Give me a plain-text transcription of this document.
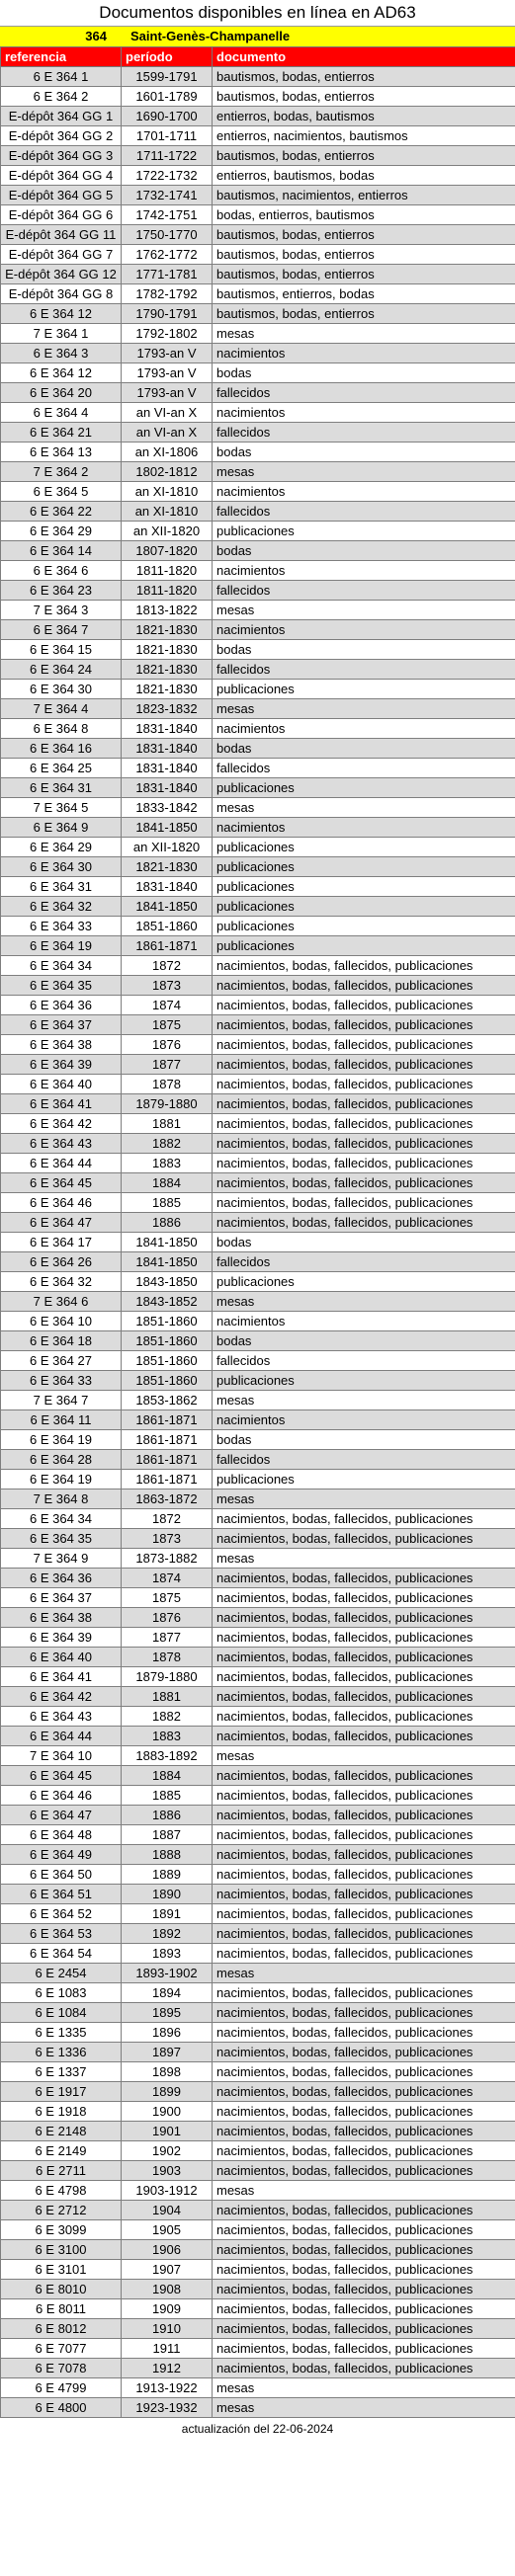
Documentos disponibles en línea en AD63
364	Saint-Genès-Champanelle
referencia	período	documento
6 E 364 1	1599-1791	bautismos, bodas, entierros
6 E 364 2	1601-1789	bautismos, bodas, entierros
E-dépôt 364 GG 1	1690-1700	entierros, bodas, bautismos
E-dépôt 364 GG 2	1701-1711	entierros, nacimientos, bautismos
E-dépôt 364 GG 3	1711-1722	bautismos, bodas, entierros
E-dépôt 364 GG 4	1722-1732	entierros, bautismos, bodas
E-dépôt 364 GG 5	1732-1741	bautismos, nacimientos, entierros
E-dépôt 364 GG 6	1742-1751	bodas, entierros, bautismos
E-dépôt 364 GG 11	1750-1770	bautismos, bodas, entierros
E-dépôt 364 GG 7	1762-1772	bautismos, bodas, entierros
E-dépôt 364 GG 12	1771-1781	bautismos, bodas, entierros
E-dépôt 364 GG 8	1782-1792	bautismos, entierros, bodas
6 E 364 12	1790-1791	bautismos, bodas, entierros
7 E 364 1	1792-1802	mesas
6 E 364 3	1793-an V	nacimientos
6 E 364 12	1793-an V	bodas
6 E 364 20	1793-an V	fallecidos
6 E 364 4	an VI-an X	nacimientos
6 E 364 21	an VI-an X	fallecidos
6 E 364 13	an XI-1806	bodas
7 E 364 2	1802-1812	mesas
6 E 364 5	an XI-1810	nacimientos
6 E 364 22	an XI-1810	fallecidos
6 E 364 29	an XII-1820	publicaciones
6 E 364 14	1807-1820	bodas
6 E 364 6	1811-1820	nacimientos
6 E 364 23	1811-1820	fallecidos
7 E 364 3	1813-1822	mesas
6 E 364 7	1821-1830	nacimientos
6 E 364 15	1821-1830	bodas
6 E 364 24	1821-1830	fallecidos
6 E 364 30	1821-1830	publicaciones
7 E 364 4	1823-1832	mesas
6 E 364 8	1831-1840	nacimientos
6 E 364 16	1831-1840	bodas
6 E 364 25	1831-1840	fallecidos
6 E 364 31	1831-1840	publicaciones
7 E 364 5	1833-1842	mesas
6 E 364 9	1841-1850	nacimientos
6 E 364 29	an XII-1820	publicaciones
6 E 364 30	1821-1830	publicaciones
6 E 364 31	1831-1840	publicaciones
6 E 364 32	1841-1850	publicaciones
6 E 364 33	1851-1860	publicaciones
6 E 364 19	1861-1871	publicaciones
6 E 364 34	1872	nacimientos, bodas, fallecidos, publicaciones
6 E 364 35	1873	nacimientos, bodas, fallecidos, publicaciones
6 E 364 36	1874	nacimientos, bodas, fallecidos, publicaciones
6 E 364 37	1875	nacimientos, bodas, fallecidos, publicaciones
6 E 364 38	1876	nacimientos, bodas, fallecidos, publicaciones
6 E 364 39	1877	nacimientos, bodas, fallecidos, publicaciones
6 E 364 40	1878	nacimientos, bodas, fallecidos, publicaciones
6 E 364 41	1879-1880	nacimientos, bodas, fallecidos, publicaciones
6 E 364 42	1881	nacimientos, bodas, fallecidos, publicaciones
6 E 364 43	1882	nacimientos, bodas, fallecidos, publicaciones
6 E 364 44	1883	nacimientos, bodas, fallecidos, publicaciones
6 E 364 45	1884	nacimientos, bodas, fallecidos, publicaciones
6 E 364 46	1885	nacimientos, bodas, fallecidos, publicaciones
6 E 364 47	1886	nacimientos, bodas, fallecidos, publicaciones
6 E 364 17	1841-1850	bodas
6 E 364 26	1841-1850	fallecidos
6 E 364 32	1843-1850	publicaciones
7 E 364 6	1843-1852	mesas
6 E 364 10	1851-1860	nacimientos
6 E 364 18	1851-1860	bodas
6 E 364 27	1851-1860	fallecidos
6 E 364 33	1851-1860	publicaciones
7 E 364 7	1853-1862	mesas
6 E 364 11	1861-1871	nacimientos
6 E 364 19	1861-1871	bodas
6 E 364 28	1861-1871	fallecidos
6 E 364 19	1861-1871	publicaciones
7 E 364 8	1863-1872	mesas
6 E 364 34	1872	nacimientos, bodas, fallecidos, publicaciones
6 E 364 35	1873	nacimientos, bodas, fallecidos, publicaciones
7 E 364 9	1873-1882	mesas
6 E 364 36	1874	nacimientos, bodas, fallecidos, publicaciones
6 E 364 37	1875	nacimientos, bodas, fallecidos, publicaciones
6 E 364 38	1876	nacimientos, bodas, fallecidos, publicaciones
6 E 364 39	1877	nacimientos, bodas, fallecidos, publicaciones
6 E 364 40	1878	nacimientos, bodas, fallecidos, publicaciones
6 E 364 41	1879-1880	nacimientos, bodas, fallecidos, publicaciones
6 E 364 42	1881	nacimientos, bodas, fallecidos, publicaciones
6 E 364 43	1882	nacimientos, bodas, fallecidos, publicaciones
6 E 364 44	1883	nacimientos, bodas, fallecidos, publicaciones
7 E 364 10	1883-1892	mesas
6 E 364 45	1884	nacimientos, bodas, fallecidos, publicaciones
6 E 364 46	1885	nacimientos, bodas, fallecidos, publicaciones
6 E 364 47	1886	nacimientos, bodas, fallecidos, publicaciones
6 E 364 48	1887	nacimientos, bodas, fallecidos, publicaciones
6 E 364 49	1888	nacimientos, bodas, fallecidos, publicaciones
6 E 364 50	1889	nacimientos, bodas, fallecidos, publicaciones
6 E 364 51	1890	nacimientos, bodas, fallecidos, publicaciones
6 E 364 52	1891	nacimientos, bodas, fallecidos, publicaciones
6 E 364 53	1892	nacimientos, bodas, fallecidos, publicaciones
6 E 364 54	1893	nacimientos, bodas, fallecidos, publicaciones
6 E 2454	1893-1902	mesas
6 E 1083	1894	nacimientos, bodas, fallecidos, publicaciones
6 E 1084	1895	nacimientos, bodas, fallecidos, publicaciones
6 E 1335	1896	nacimientos, bodas, fallecidos, publicaciones
6 E 1336	1897	nacimientos, bodas, fallecidos, publicaciones
6 E 1337	1898	nacimientos, bodas, fallecidos, publicaciones
6 E 1917	1899	nacimientos, bodas, fallecidos, publicaciones
6 E 1918	1900	nacimientos, bodas, fallecidos, publicaciones
6 E 2148	1901	nacimientos, bodas, fallecidos, publicaciones
6 E 2149	1902	nacimientos, bodas, fallecidos, publicaciones
6 E 2711	1903	nacimientos, bodas, fallecidos, publicaciones
6 E 4798	1903-1912	mesas
6 E 2712	1904	nacimientos, bodas, fallecidos, publicaciones
6 E 3099	1905	nacimientos, bodas, fallecidos, publicaciones
6 E 3100	1906	nacimientos, bodas, fallecidos, publicaciones
6 E 3101	1907	nacimientos, bodas, fallecidos, publicaciones
6 E 8010	1908	nacimientos, bodas, fallecidos, publicaciones
6 E 8011	1909	nacimientos, bodas, fallecidos, publicaciones
6 E 8012	1910	nacimientos, bodas, fallecidos, publicaciones
6 E 7077	1911	nacimientos, bodas, fallecidos, publicaciones
6 E 7078	1912	nacimientos, bodas, fallecidos, publicaciones
6 E 4799	1913-1922	mesas
6 E 4800	1923-1932	mesas
actualización del 22-06-2024
